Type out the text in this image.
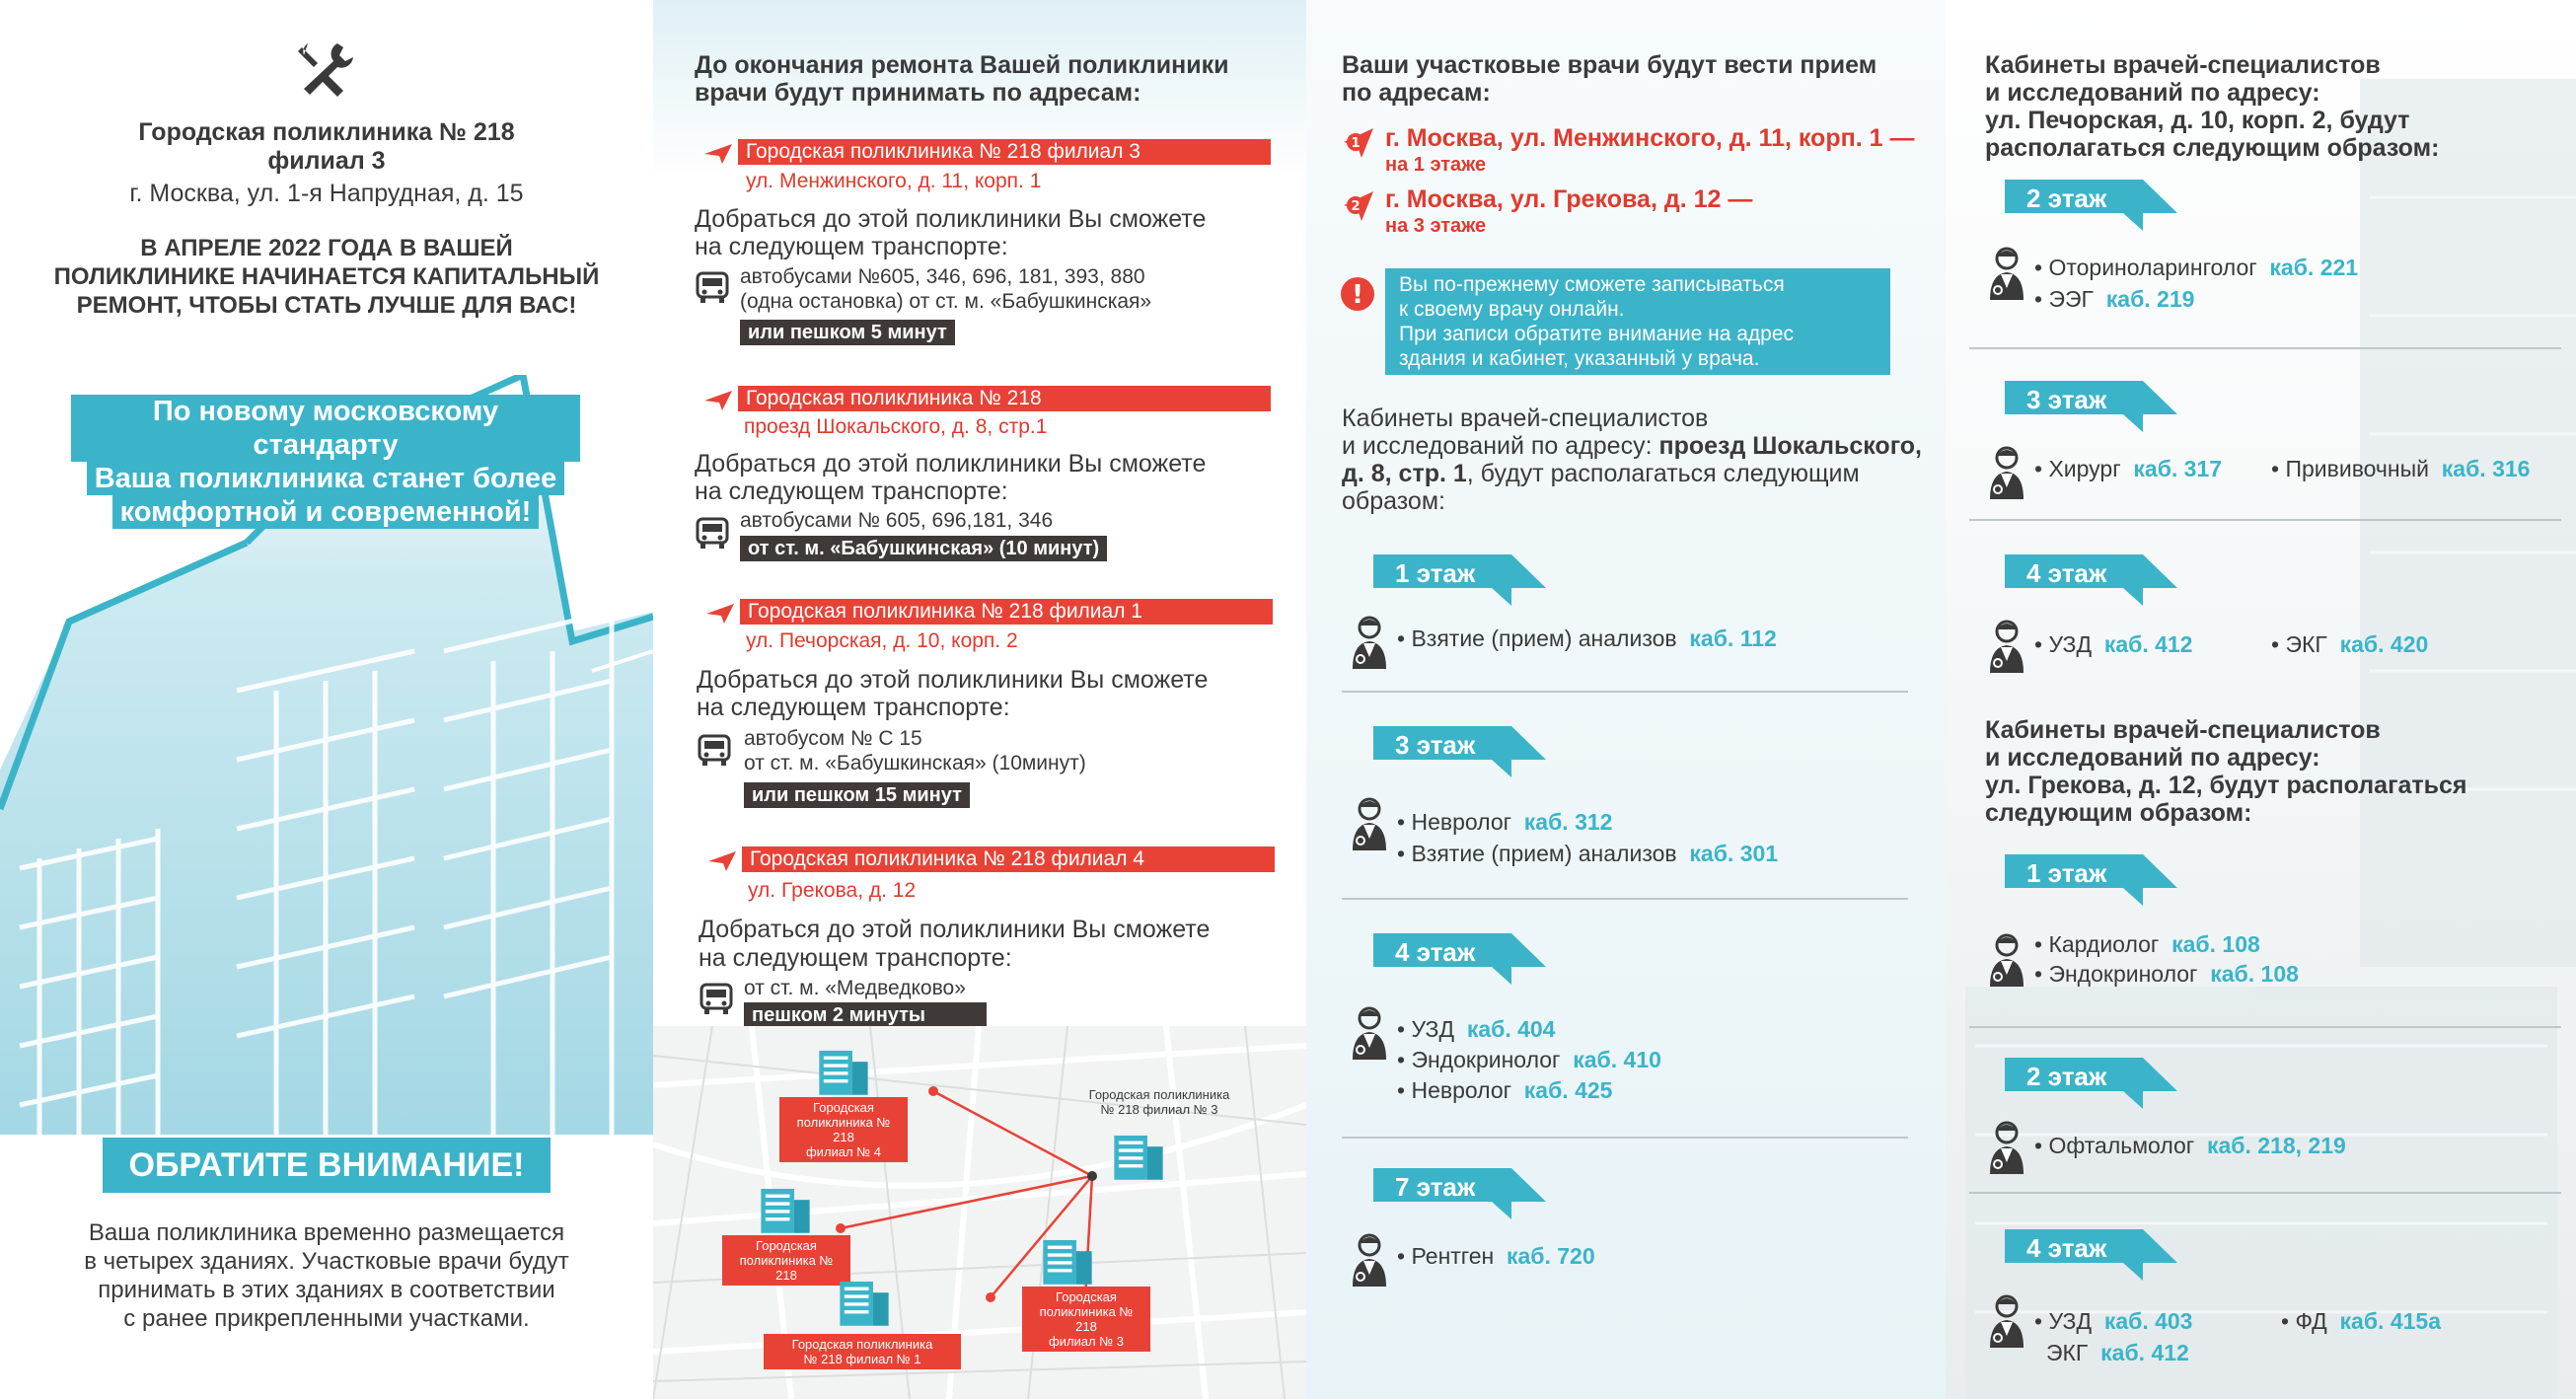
Городская поликлиника № 218
филиал 3
г. Москва, ул. 1-я Напрудная, д. 15
В АПРЕЛЕ 2022 ГОДА В ВАШЕЙ
ПОЛИКЛИНИКЕ НАЧИНАЕТСЯ КАПИТАЛЬНЫЙ
РЕМОНТ, ЧТОБЫ СТАТЬ ЛУЧШЕ ДЛЯ ВАС!
По новому московскому стандарту
Ваша поликлиника станет более
комфортной и современной!
ОБРАТИТЕ ВНИМАНИЕ!
Ваша поликлиника временно размещается
в четырех зданиях. Участковые врачи будут
принимать в этих зданиях в соответствии
с ранее прикрепленными участками.
До окончания ремонта Вашей поликлиники
врачи будут принимать по адресам:
Городская поликлиника № 218 филиал 3
ул. Менжинского, д. 11, корп. 1
Добраться до этой поликлиники Вы сможете
на следующем транспорте:
автобусами №605, 346, 696, 181, 393, 880
(одна остановка) от ст. м. «Бабушкинская»
или пешком 5 минут
Городская поликлиника № 218
проезд Шокальского, д. 8, стр.1
Добраться до этой поликлиники Вы сможете
на следующем транспорте:
автобусами № 605, 696,181, 346
от ст. м. «Бабушкинская» (10 минут)
Городская поликлиника № 218 филиал 1
ул. Печорская, д. 10, корп. 2
Добраться до этой поликлиники Вы сможете
на следующем транспорте:
автобусом № С 15
от ст. м. «Бабушкинская» (10минут)
или пешком 15 минут
Городская поликлиника № 218 филиал 4
ул. Грекова, д. 12
Добраться до этой поликлиники Вы сможете
на следующем транспорте:
от ст. м. «Медведково»
пешком 2 минуты
Городская поликлиника
№ 218 филиал № 3
Городская
поликлиника № 218
филиал № 4
Городская
поликлиника № 218
Городская
поликлиника № 218
филиал № 3
Городская поликлиника
№ 218 филиал № 1
Ваши участковые врачи будут вести прием
по адресам:
1 г. Москва, ул. Менжинского, д. 11, корп. 1 —
на 1 этаже
2 г. Москва, ул. Грекова, д. 12 —
на 3 этаже
! Вы по-прежнему сможете записываться
к своему врачу онлайн.
При записи обратите внимание на адрес
здания и кабинет, указанный у врача.
Кабинеты врачей-специалистов
и исследований по адресу: проезд Шокальского,
д. 8, стр. 1, будут располагаться следующим
образом:
1 этаж
• Взятие (прием) анализов каб. 112
3 этаж
• Невролог каб. 312
• Взятие (прием) анализов каб. 301
4 этаж
• УЗД каб. 404
• Эндокринолог каб. 410
• Невролог каб. 425
7 этаж
• Рентген каб. 720
Кабинеты врачей-специалистов
и исследований по адресу:
ул. Печорская, д. 10, корп. 2, будут
располагаться следующим образом:
2 этаж
• Оториноларинголог каб. 221
• ЭЭГ каб. 219
3 этаж
• Хирург каб. 317 • Прививочный каб. 316
4 этаж
• УЗД каб. 412	• ЭКГ каб. 420
Кабинеты врачей-специалистов
и исследований по адресу:
ул. Грекова, д. 12, будут располагаться
следующим образом:
1 этаж
• Кардиолог каб. 108
• Эндокринолог каб. 108
2 этаж
• Офтальмолог каб. 218, 219
4 этаж
• УЗД каб. 403	• ФД каб. 415а
ЭКГ каб. 412
